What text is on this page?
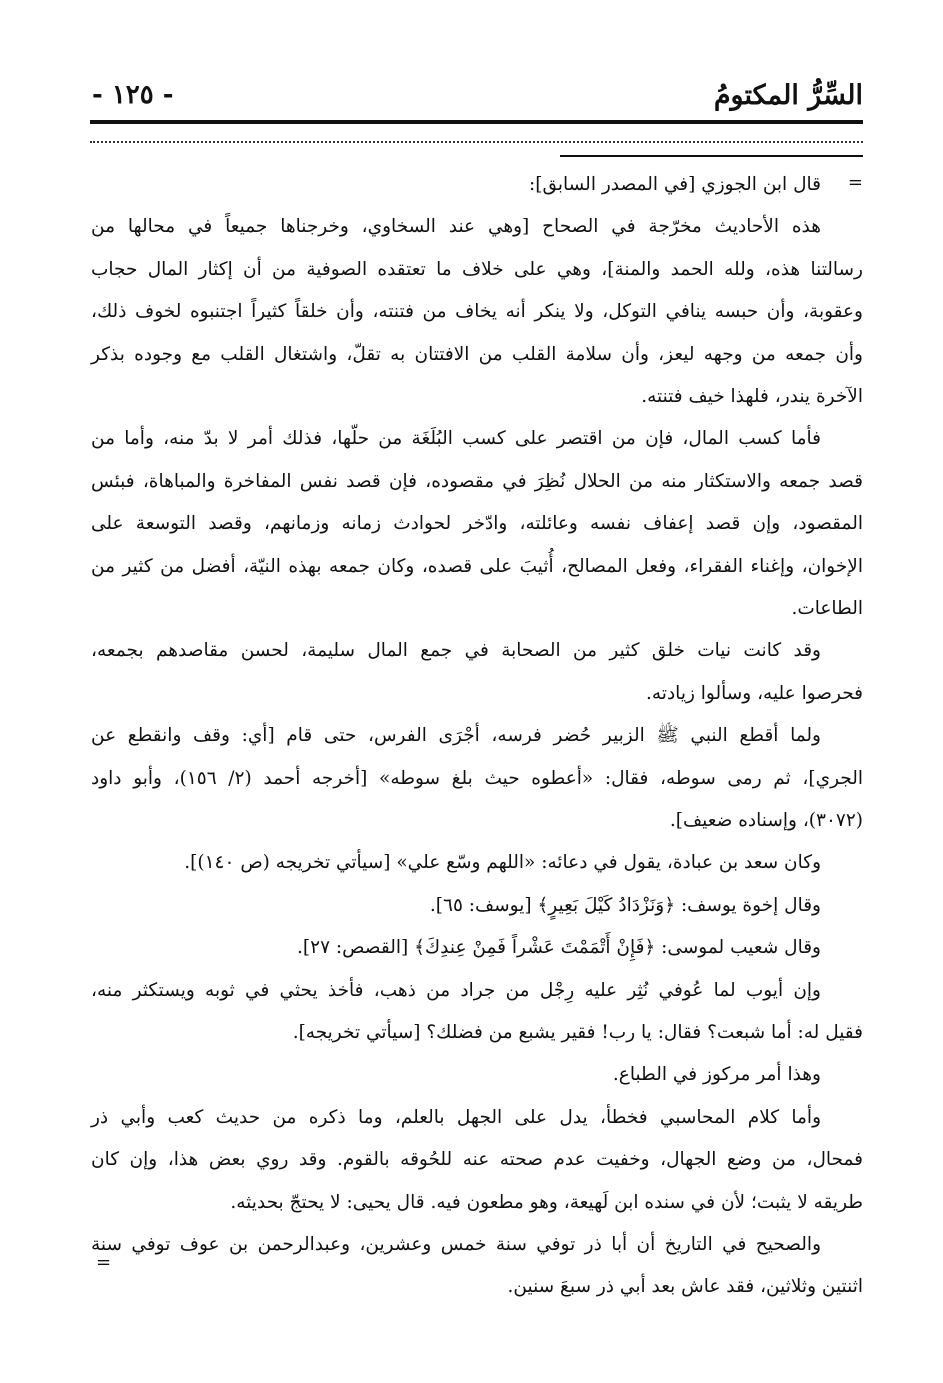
السِّرُّ المكتومُ
- ١٢٥ -
=
=
قال ابن الجوزي [في المصدر السابق]:
هذه الأحاديث مخرّجة في الصحاح [وهي عند السخاوي، وخرجناها جميعاً في محالها من
رسالتنا هذه، ولله الحمد والمنة]، وهي على خلاف ما تعتقده الصوفية من أن إكثار المال حجاب
وعقوبة، وأن حبسه ينافي التوكل، ولا ينكر أنه يخاف من فتنته، وأن خلقاً كثيراً اجتنبوه لخوف ذلك،
وأن جمعه من وجهه ليعز، وأن سلامة القلب من الافتتان به تقلّ، واشتغال القلب مع وجوده بذكر
الآخرة يندر، فلهذا خيف فتنته.
فأما كسب المال، فإن من اقتصر على كسب البُلَغَة من حلّها، فذلك أمر لا بدّ منه، وأما من
قصد جمعه والاستكثار منه من الحلال نُظِرَ في مقصوده، فإن قصد نفس المفاخرة والمباهاة، فبئس
المقصود، وإن قصد إعفاف نفسه وعائلته، وادّخر لحوادث زمانه وزمانهم، وقصد التوسعة على
الإخوان، وإغناء الفقراء، وفعل المصالح، أُثيبَ على قصده، وكان جمعه بهذه النيّة، أفضل من كثير من
الطاعات.
وقد كانت نيات خلق كثير من الصحابة في جمع المال سليمة، لحسن مقاصدهم بجمعه،
فحرصوا عليه، وسألوا زيادته.
ولما أقطع النبي ﷺ الزبير حُضر فرسه، أجْرَى الفرس، حتى قام [أي: وقف وانقطع عن
الجري]، ثم رمى سوطه، فقال: «أعطوه حيث بلغ سوطه» [أخرجه أحمد (٢/ ١٥٦)، وأبو داود
(٣٠٧٢)، وإسناده ضعيف].
وكان سعد بن عبادة، يقول في دعائه: «اللهم وسّع علي» [سيأتي تخريجه (ص ١٤٠)].
وقال إخوة يوسف: ﴿وَنَزْدَادُ كَيْلَ بَعِيرٍ﴾ [يوسف: ٦٥].
وقال شعيب لموسى: ﴿فَإِنْ أَتْمَمْتَ عَشْراً فَمِنْ عِندِكَ﴾ [القصص: ٢٧].
وإن أيوب لما عُوفي نُثِر عليه رِجْل من جراد من ذهب، فأخذ يحثي في ثوبه ويستكثر منه،
فقيل له: أما شبعت؟ فقال: يا رب! فقير يشبع من فضلك؟ [سيأتي تخريجه].
وهذا أمر مركوز في الطباع.
وأما كلام المحاسبي فخطأ، يدل على الجهل بالعلم، وما ذكره من حديث كعب وأبي ذر
فمحال، من وضع الجهال، وخفيت عدم صحته عنه للحُوقه بالقوم. وقد روي بعض هذا، وإن كان
طريقه لا يثبت؛ لأن في سنده ابن لَهيعة، وهو مطعون فيه. قال يحيى: لا يحتجّ بحديثه.
والصحيح في التاريخ أن أبا ذر توفي سنة خمس وعشرين، وعبدالرحمن بن عوف توفي سنة
اثنتين وثلاثين، فقد عاش بعد أبي ذر سبعَ سنين.
